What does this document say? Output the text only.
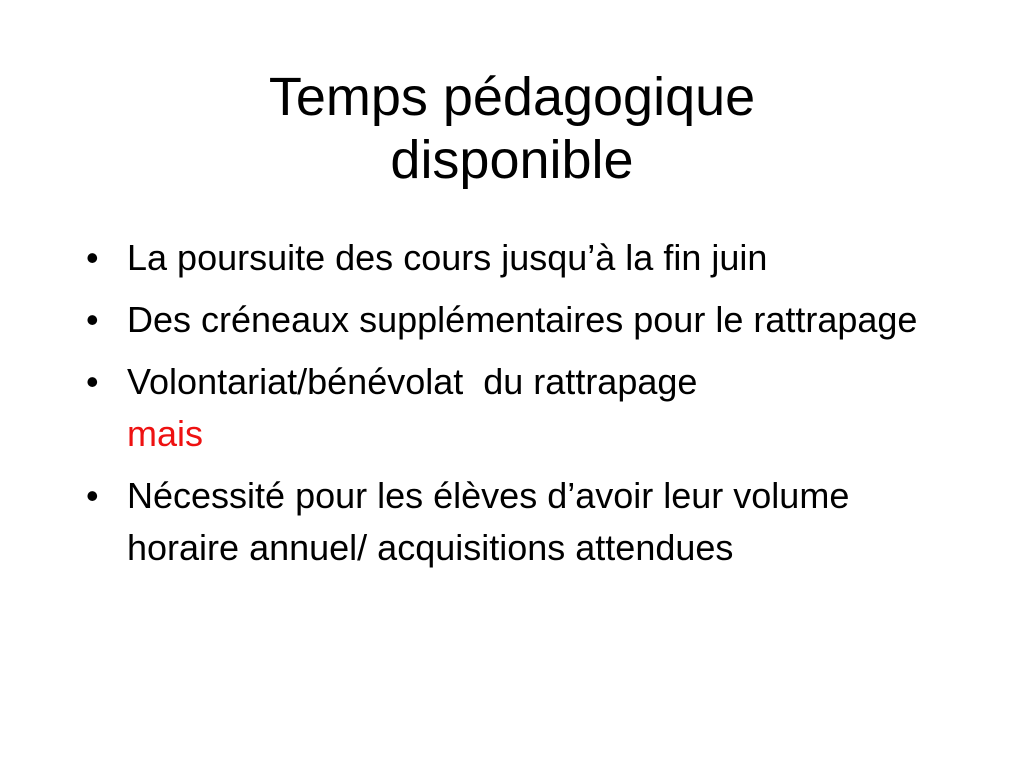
Temps pédagogique
disponible
• La poursuite des cours jusqu’à la fin juin
• Des créneaux supplémentaires pour le rattrapage
• Volontariat/bénévolat  du rattrapage
mais
• Nécessité pour les élèves d’avoir leur volume horaire annuel/ acquisitions attendues
